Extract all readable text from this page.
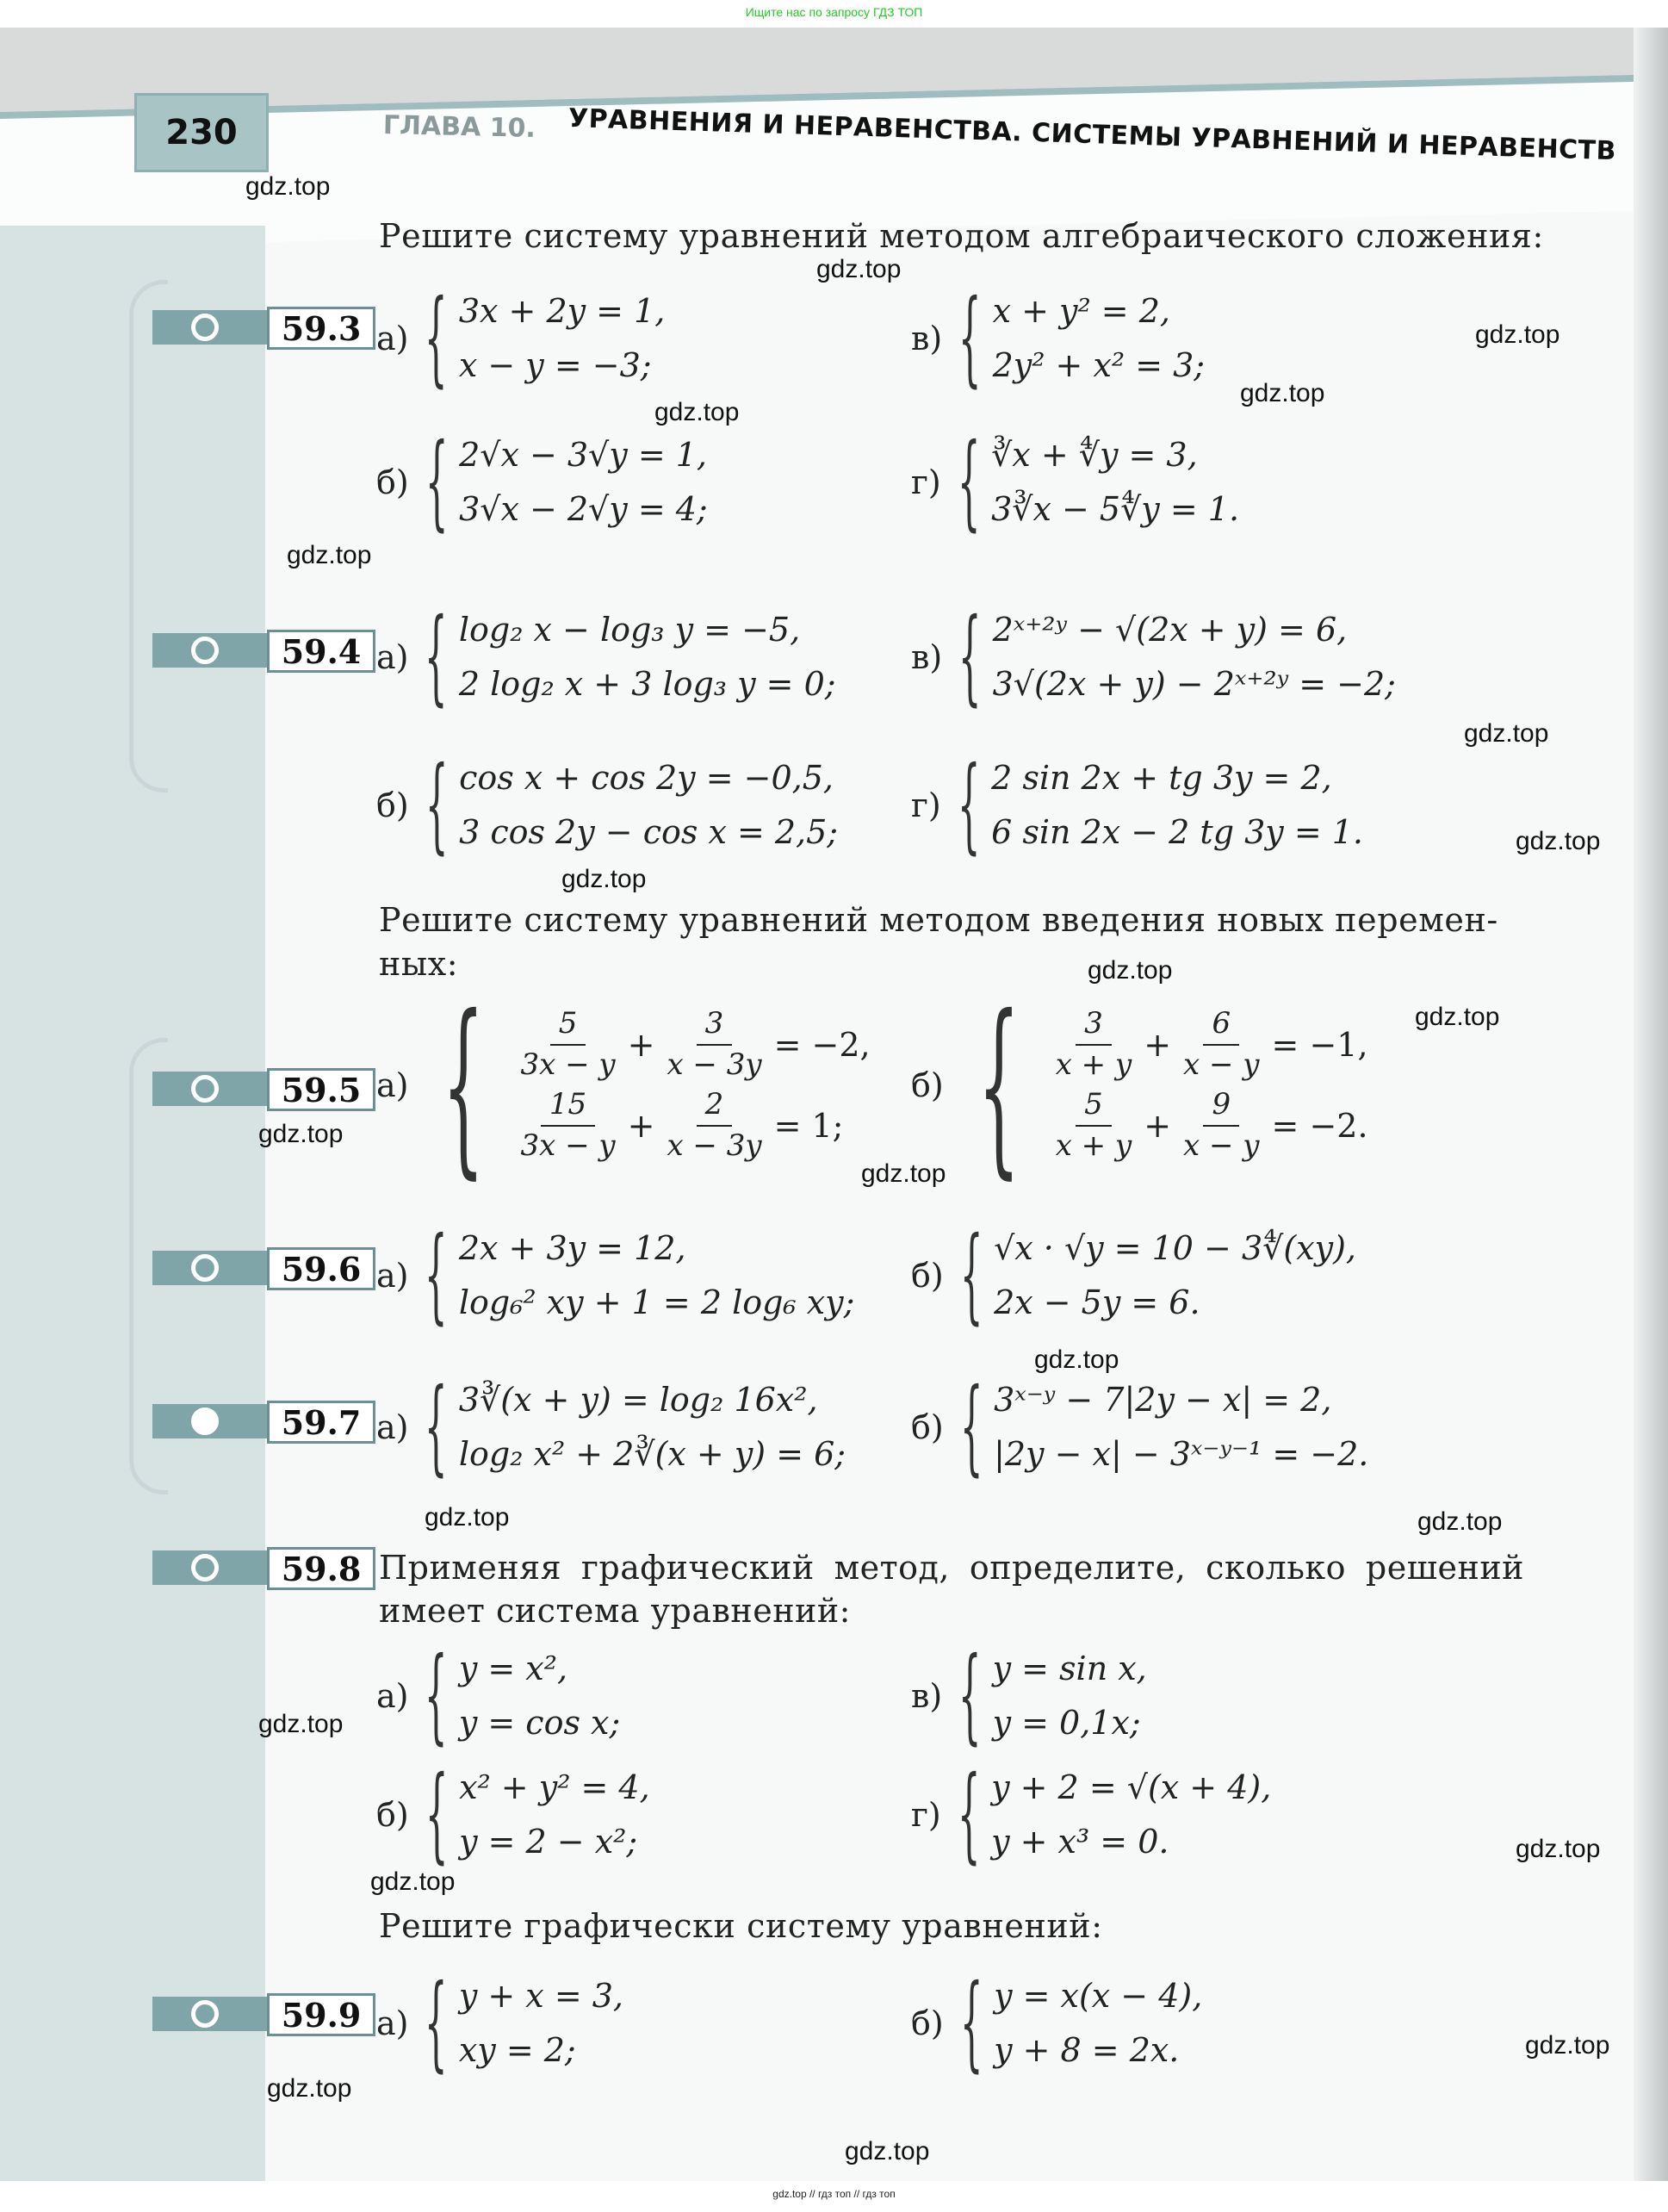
Ищите нас по запросу ГДЗ ТОП
230	ГЛАВА 10. УРАВНЕНИЯ И НЕРАВЕНСТВА. СИСТЕМЫ УРАВНЕНИЙ И НЕРАВЕНСТВ
Решите систему уравнений методом алгебраического сложения:
Решите систему уравнений методом введения новых перемен-
ных:
Решите графически систему уравнений:
Применяя графический метод, определите, сколько решений имеет система уравнений:
59.3 а) { 3x + 2y = 1,
x − y = −3;
в) { x + y² = 2,
2y² + x² = 3;
б) { 2√x − 3√y = 1,
3√x − 2√y = 4;
г) { ∛x + ∜y = 3,
3∛x − 5∜y = 1.
59.4 а) { log₂ x − log₃ y = −5,
2 log₂ x + 3 log₃ y = 0;
в) { 2ˣ⁺²ʸ − √(2x + y) = 6,
3√(2x + y) − 2ˣ⁺²ʸ = −2;
б) { cos x + cos 2y = −0,5,
3 cos 2y − cos x = 2,5;
г) { 2 sin 2x + tg 3y = 2,
6 sin 2x − 2 tg 3y = 1.
59.5 а) { $\frac{5}{3x - y} + \frac{3}{x - 3y} = -2$,
$\frac{15}{3x - y} + \frac{2}{x - 3y} = 1$;
б) { $\frac{3}{x + y} + \frac{6}{x - y} = -1$,
$\frac{5}{x + y} + \frac{9}{x - y} = -2$.
59.6 а) { 2x + 3y = 12,
log₆² xy + 1 = 2 log₆ xy;
б) { √x · √y = 10 − 3∜(xy),
2x − 5y = 6.
59.7 а) { 3∛(x + y) = log₂ 16x²,
log₂ x² + 2∛(x + y) = 6;
б) { 3ˣ⁻ʸ − 7|2y − x| = 2,
|2y − x| − 3ˣ⁻ʸ⁻¹ = −2.
59.8
а) { y = x²,
y = cos x;
в) { y = sin x,
y = 0,1x;
б) { x² + y² = 4,
y = 2 − x²;
г) { y + 2 = √(x + 4),
y + x³ = 0.
59.9 а) { y + x = 3,
xy = 2;
б) { y = x(x − 4),
y + 8 = 2x.
gdz.top
gdz.top
gdz.top
gdz.top
gdz.top
gdz.top
gdz.top
gdz.top
gdz.top
gdz.top
gdz.top
gdz.top
gdz.top
gdz.top	gdz.top
gdz.top
gdz.top
gdz.top
gdz.top
gdz.top
gdz.top
gdz.top
gdz.top // гдз топ // гдз топ
